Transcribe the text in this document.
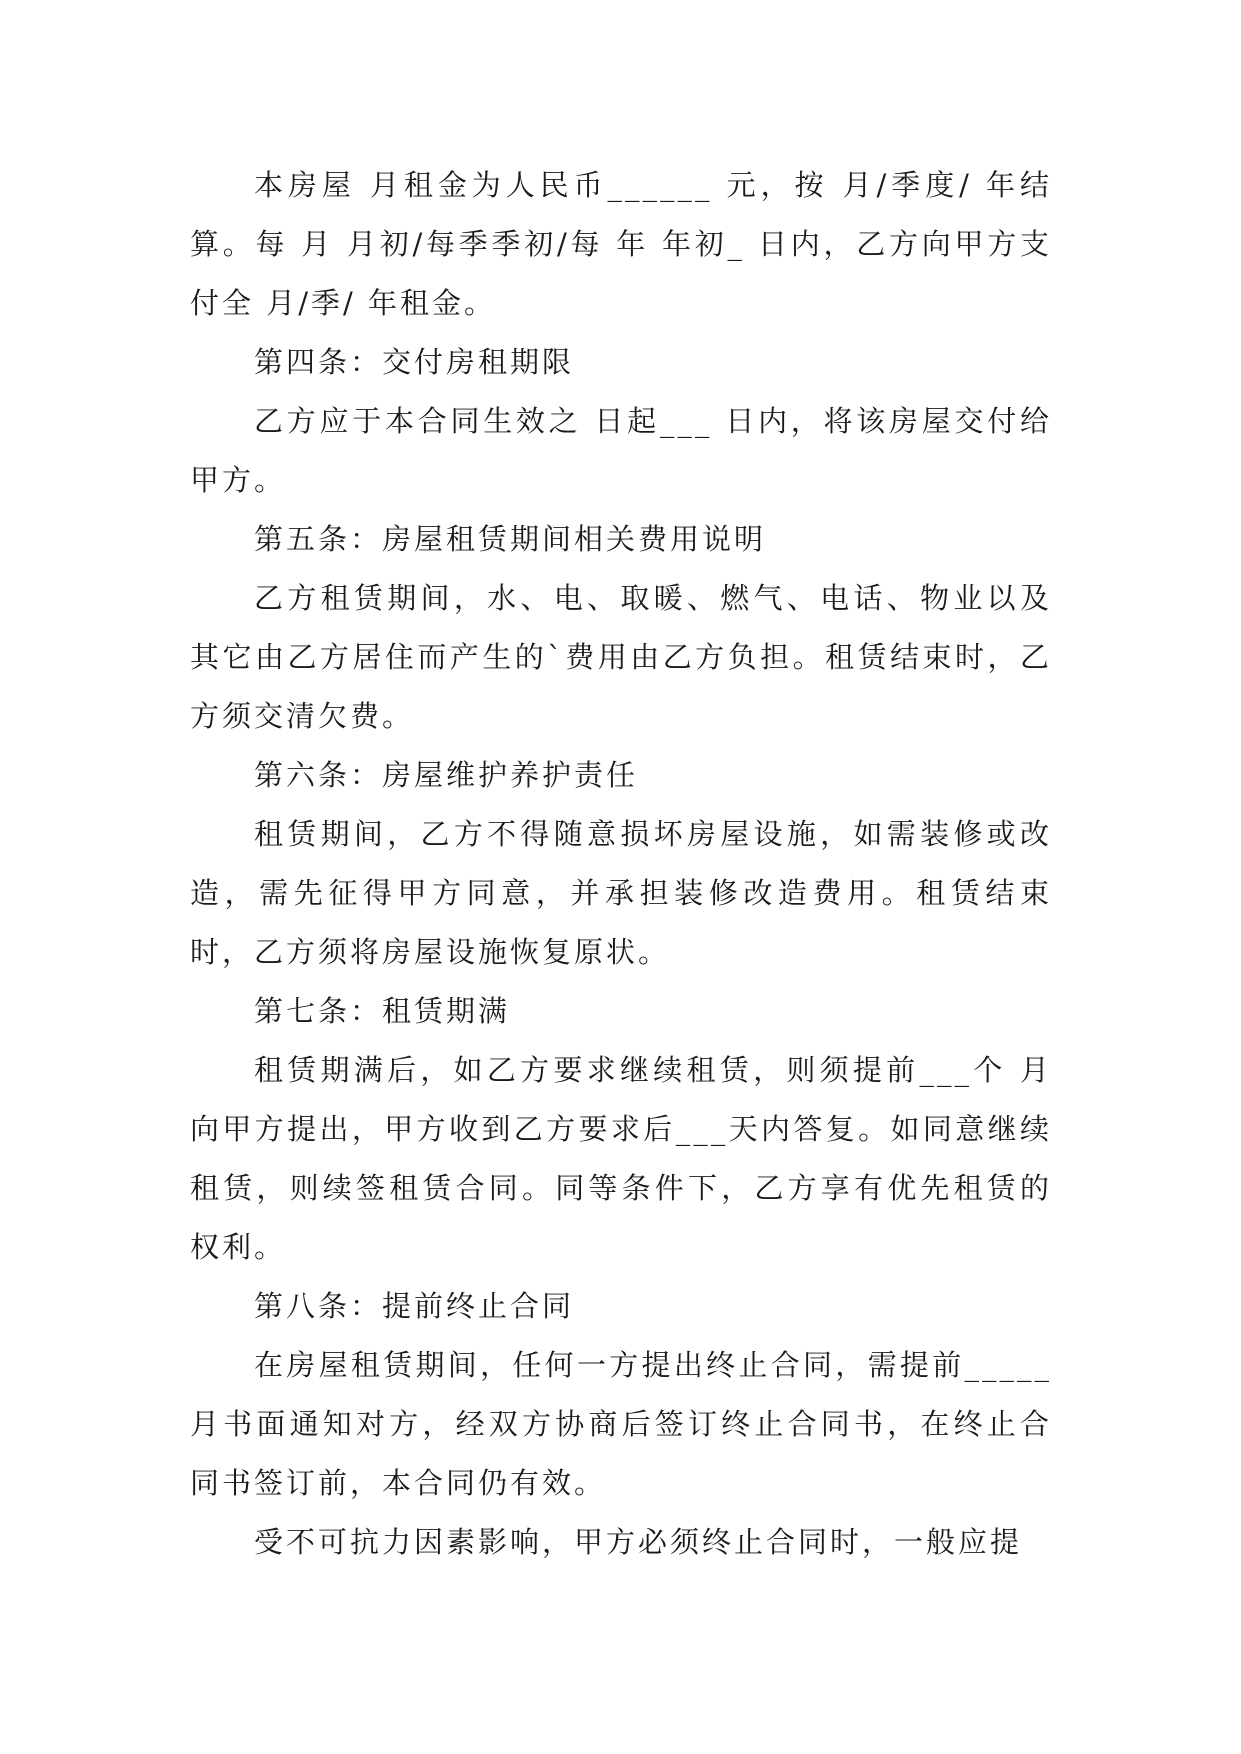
本房屋 月租金为人民币______ 元，按 月/季度/ 年结算。每 月 月初/每季季初/每 年 年初_ 日内，乙方向甲方支付全 月/季/ 年租金。

第四条：交付房租期限

乙方应于本合同生效之 日起___ 日内，将该房屋交付给甲方。

第五条：房屋租赁期间相关费用说明

乙方租赁期间，水、电、取暖、燃气、电话、物业以及其它由乙方居住而产生的`费用由乙方负担。租赁结束时，乙方须交清欠费。

第六条：房屋维护养护责任

租赁期间，乙方不得随意损坏房屋设施，如需装修或改造，需先征得甲方同意，并承担装修改造费用。租赁结束时，乙方须将房屋设施恢复原状。

第七条：租赁期满

租赁期满后，如乙方要求继续租赁，则须提前___个 月向甲方提出，甲方收到乙方要求后___天内答复。如同意继续租赁，则续签租赁合同。同等条件下，乙方享有优先租赁的权利。

第八条：提前终止合同

在房屋租赁期间，任何一方提出终止合同，需提前_____月书面通知对方，经双方协商后签订终止合同书，在终止合同书签订前，本合同仍有效。

受不可抗力因素影响，甲方必须终止合同时，一般应提
